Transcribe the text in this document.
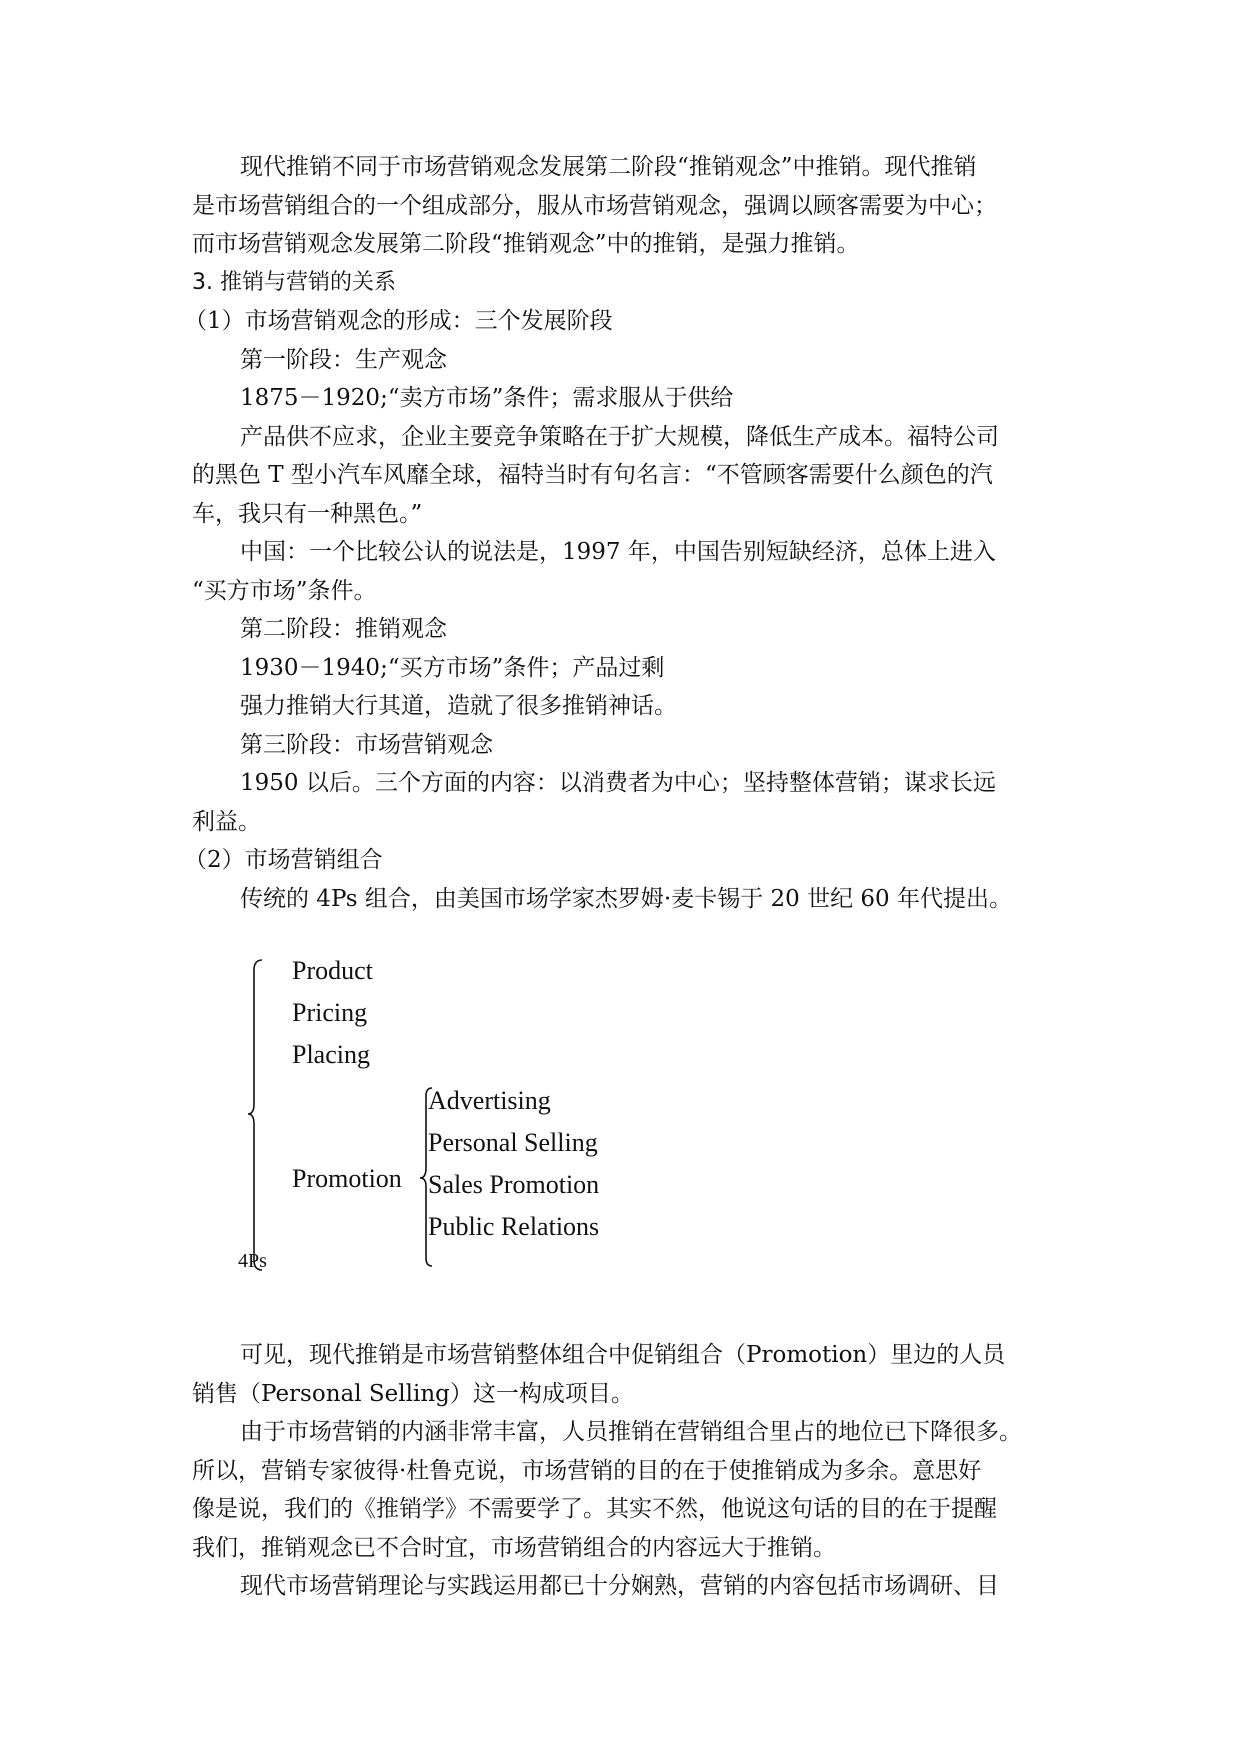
现代推销不同于市场营销观念发展第二阶段“推销观念”中推销。现代推销
是市场营销组合的一个组成部分，服从市场营销观念，强调以顾客需要为中心；
而市场营销观念发展第二阶段“推销观念”中的推销，是强力推销。
3. 推销与营销的关系
（1）市场营销观念的形成：三个发展阶段
第一阶段：生产观念
1875－1920;“卖方市场”条件；需求服从于供给
产品供不应求，企业主要竞争策略在于扩大规模，降低生产成本。福特公司
的黑色 T 型小汽车风靡全球，福特当时有句名言：“不管顾客需要什么颜色的汽
车，我只有一种黑色。”
中国：一个比较公认的说法是，1997 年，中国告别短缺经济，总体上进入
“买方市场”条件。
第二阶段：推销观念
1930－1940;“买方市场”条件；产品过剩
强力推销大行其道，造就了很多推销神话。
第三阶段：市场营销观念
1950 以后。三个方面的内容：以消费者为中心；坚持整体营销；谋求长远
利益。
（2）市场营销组合
传统的 4Ps 组合，由美国市场学家杰罗姆·麦卡锡于 20 世纪 60 年代提出。
4Ps
Product
Pricing
Placing
Promotion
Advertising
Personal Selling
Sales Promotion
Public Relations
可见，现代推销是市场营销整体组合中促销组合（Promotion）里边的人员
销售（Personal Selling）这一构成项目。
由于市场营销的内涵非常丰富，人员推销在营销组合里占的地位已下降很多。
所以，营销专家彼得·杜鲁克说，市场营销的目的在于使推销成为多余。意思好
像是说，我们的《推销学》不需要学了。其实不然，他说这句话的目的在于提醒
我们，推销观念已不合时宜，市场营销组合的内容远大于推销。
现代市场营销理论与实践运用都已十分娴熟，营销的内容包括市场调研、目
